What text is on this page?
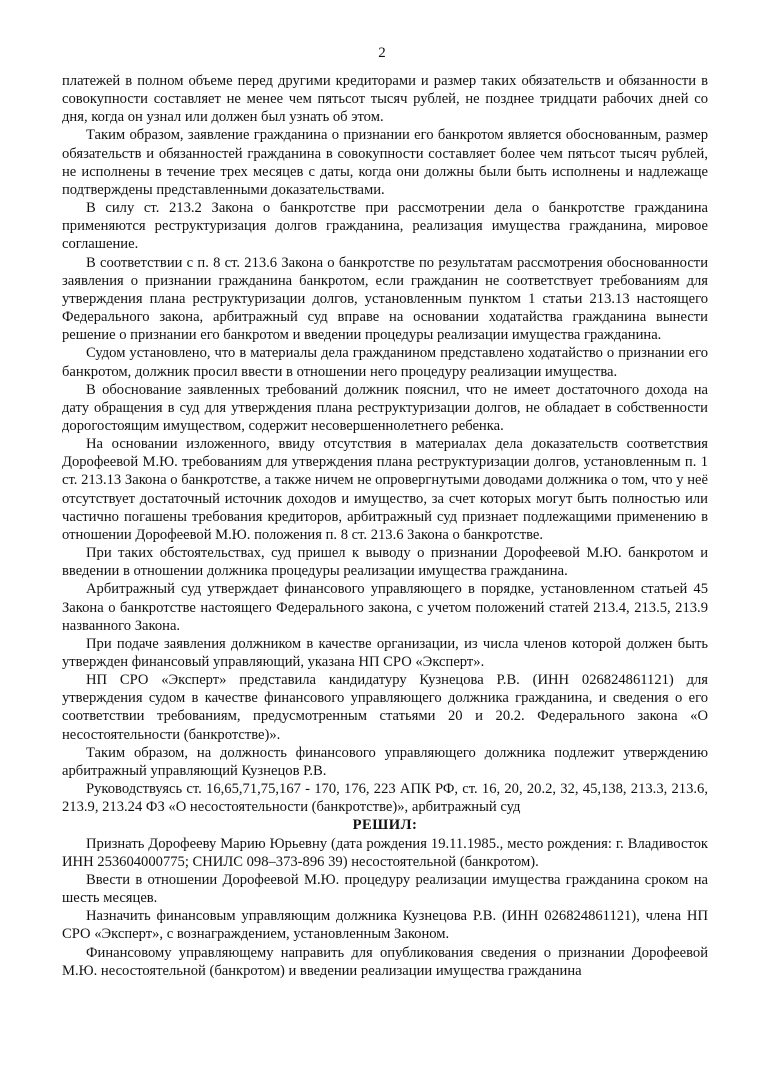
2

платежей в полном объеме перед другими кредиторами и размер таких обязательств и обязанности в совокупности составляет не менее чем пятьсот тысяч рублей, не позднее тридцати рабочих дней со дня, когда он узнал или должен был узнать об этом.

Таким образом, заявление гражданина о признании его банкротом является обоснованным, размер обязательств и обязанностей гражданина в совокупности составляет более чем пятьсот тысяч рублей, не исполнены в течение трех месяцев с даты, когда они должны были быть исполнены и надлежаще подтверждены представленными доказательствами.

В силу ст. 213.2 Закона о банкротстве при рассмотрении дела о банкротстве гражданина применяются реструктуризация долгов гражданина, реализация имущества гражданина, мировое соглашение.

В соответствии с п. 8 ст. 213.6 Закона о банкротстве по результатам рассмотрения обоснованности заявления о признании гражданина банкротом, если гражданин не соответствует требованиям для утверждения плана реструктуризации долгов, установленным пунктом 1 статьи 213.13 настоящего Федерального закона, арбитражный суд вправе на основании ходатайства гражданина вынести решение о признании его банкротом и введении процедуры реализации имущества гражданина.

Судом установлено, что в материалы дела гражданином представлено ходатайство о признании его банкротом, должник просил ввести в отношении него процедуру реализации имущества.

В обоснование заявленных требований должник пояснил, что не имеет достаточного дохода на дату обращения в суд для утверждения плана реструктуризации долгов, не обладает в собственности дорогостоящим имуществом, содержит несовершеннолетнего ребенка.

На основании изложенного, ввиду отсутствия в материалах дела доказательств соответствия Дорофеевой М.Ю. требованиям для утверждения плана реструктуризации долгов, установленным п. 1 ст. 213.13 Закона о банкротстве, а также ничем не опровергнутыми доводами должника о том, что у неё отсутствует достаточный источник доходов и имущество, за счет которых могут быть полностью или частично погашены требования кредиторов, арбитражный суд признает подлежащими применению в отношении Дорофеевой М.Ю. положения п. 8 ст. 213.6 Закона о банкротстве.

При таких обстоятельствах, суд пришел к выводу о признании Дорофеевой М.Ю. банкротом и введении в отношении должника процедуры реализации имущества гражданина.

Арбитражный суд утверждает финансового управляющего в порядке, установленном статьей 45 Закона о банкротстве настоящего Федерального закона, с учетом положений статей 213.4, 213.5, 213.9 названного Закона.

При подаче заявления должником в качестве организации, из числа членов которой должен быть утвержден финансовый управляющий, указана НП СРО «Эксперт».

НП СРО «Эксперт» представила кандидатуру Кузнецова Р.В. (ИНН 026824861121) для утверждения судом в качестве финансового управляющего должника гражданина, и сведения о его соответствии требованиям, предусмотренным статьями 20 и 20.2. Федерального закона «О несостоятельности (банкротстве)».

Таким образом, на должность финансового управляющего должника подлежит утверждению арбитражный управляющий Кузнецов Р.В.

Руководствуясь ст. 16,65,71,75,167 - 170, 176, 223 АПК РФ, ст. 16, 20, 20.2, 32, 45,138, 213.3, 213.6, 213.9, 213.24 ФЗ «О несостоятельности (банкротстве)», арбитражный суд

РЕШИЛ:

Признать Дорофееву Марию Юрьевну (дата рождения 19.11.1985., место рождения: г. Владивосток ИНН 253604000775; СНИЛС 098–373-896 39) несостоятельной (банкротом).

Ввести в отношении Дорофеевой М.Ю. процедуру реализации имущества гражданина сроком на шесть месяцев.

Назначить финансовым управляющим должника Кузнецова Р.В. (ИНН 026824861121), члена НП СРО «Эксперт», с вознаграждением, установленным Законом.

Финансовому управляющему направить для опубликования сведения о признании Дорофеевой М.Ю. несостоятельной (банкротом) и введении реализации имущества гражданина
